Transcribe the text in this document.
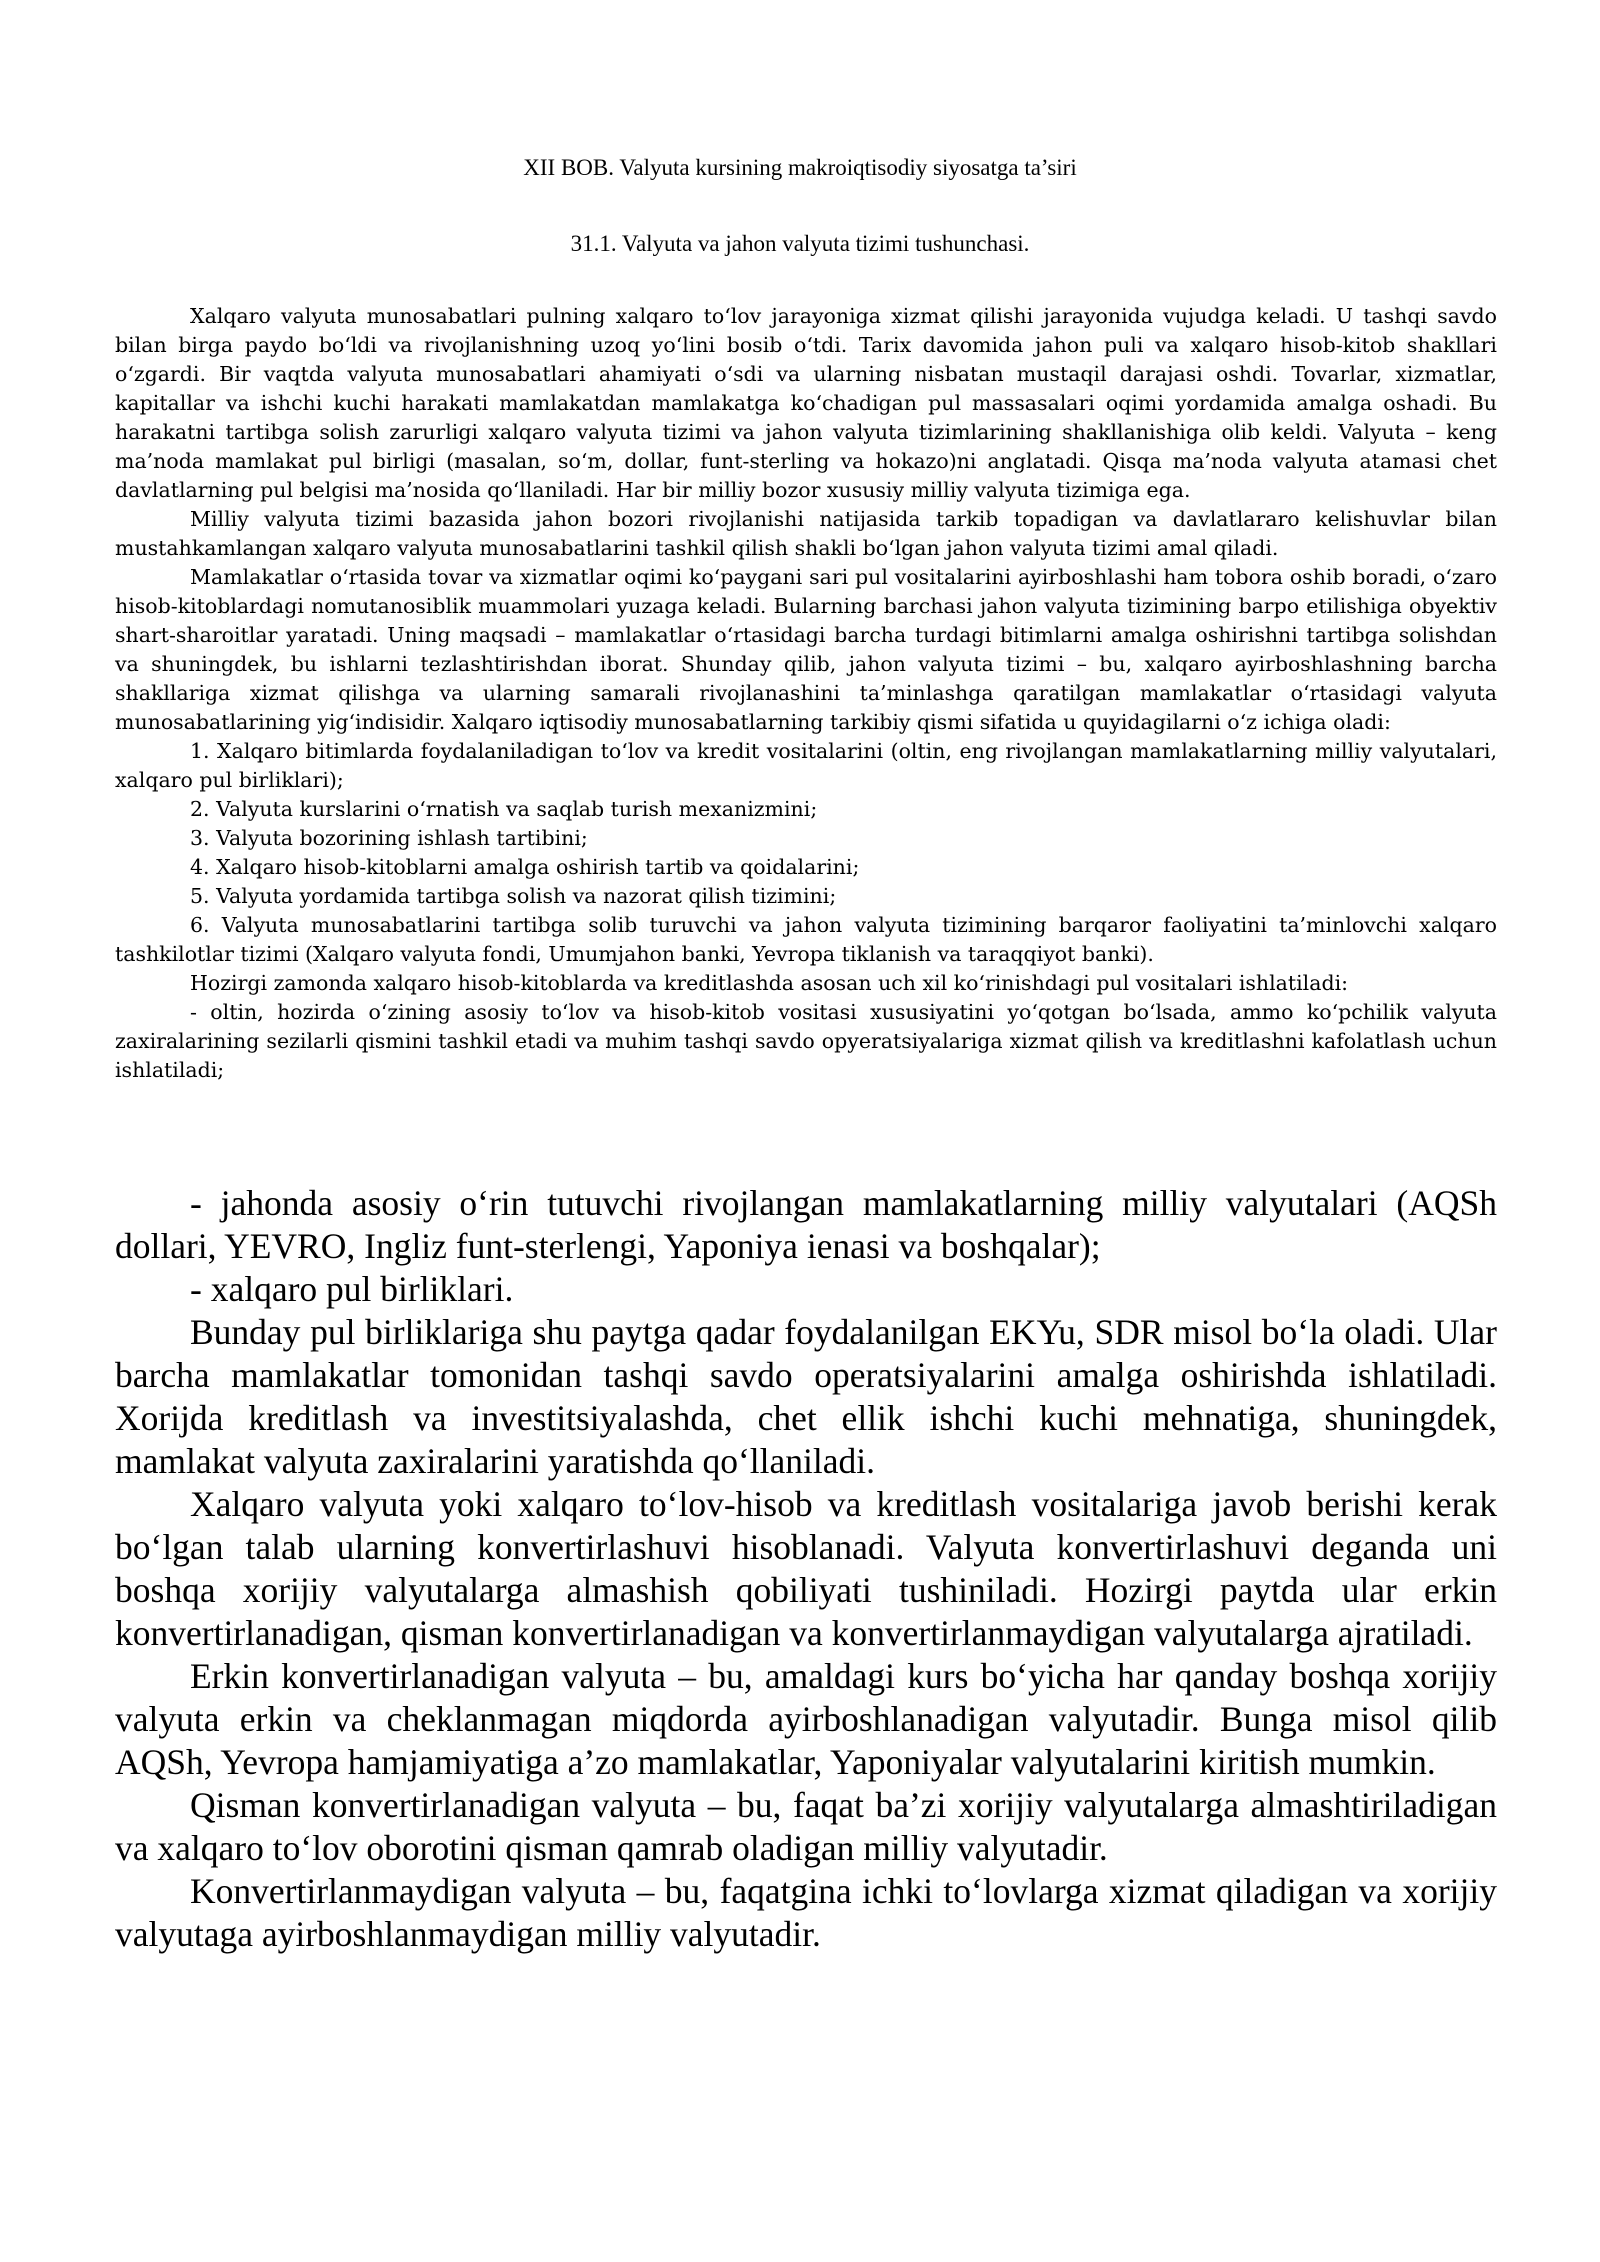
XII BOB. Valyuta kursining makroiqtisodiy siyosatga ta’siri
31.1. Valyuta va jahon valyuta tizimi tushunchasi.

Xalqaro valyuta munosabatlari pulning xalqaro to‘lov jarayoniga xizmat qilishi jarayonida vujudga keladi. U tashqi savdo bilan birga paydo bo‘ldi va rivojlanishning uzoq yo‘lini bosib o‘tdi. Tarix davomida jahon puli va xalqaro hisob-kitob shakllari o‘zgardi. Bir vaqtda valyuta munosabatlari ahamiyati o‘sdi va ularning nisbatan mustaqil darajasi oshdi. Tovarlar, xizmatlar, kapitallar va ishchi kuchi harakati mamlakatdan mamlakatga ko‘chadigan pul massasalari oqimi yordamida amalga oshadi. Bu harakatni tartibga solish zarurligi xalqaro valyuta tizimi va jahon valyuta tizimlarining shakllanishiga olib keldi. Valyuta – keng ma’noda mamlakat pul birligi (masalan, so‘m, dollar, funt-sterling va hokazo)ni anglatadi. Qisqa ma’noda valyuta atamasi chet davlatlarning pul belgisi ma’nosida qo‘llaniladi. Har bir milliy bozor xususiy milliy valyuta tizimiga ega.

Milliy valyuta tizimi bazasida jahon bozori rivojlanishi natijasida tarkib topadigan va davlatlararo kelishuvlar bilan mustahkamlangan xalqaro valyuta munosabatlarini tashkil qilish shakli bo‘lgan jahon valyuta tizimi amal qiladi.

Mamlakatlar o‘rtasida tovar va xizmatlar oqimi ko‘paygani sari pul vositalarini ayirboshlashi ham tobora oshib boradi, o‘zaro hisob-kitoblardagi nomutanosiblik muammolari yuzaga keladi. Bularning barchasi jahon valyuta tizimining barpo etilishiga obyektiv shart-sharoitlar yaratadi. Uning maqsadi – mamlakatlar o‘rtasidagi barcha turdagi bitimlarni amalga oshirishni tartibga solishdan va shuningdek, bu ishlarni tezlashtirishdan iborat. Shunday qilib, jahon valyuta tizimi – bu, xalqaro ayirboshlashning barcha shakllariga xizmat qilishga va ularning samarali rivojlanashini ta’minlashga qaratilgan mamlakatlar o‘rtasidagi valyuta munosabatlarining yig‘indisidir. Xalqaro iqtisodiy munosabatlarning tarkibiy qismi sifatida u quyidagilarni o‘z ichiga oladi:

1. Xalqaro bitimlarda foydalaniladigan to‘lov va kredit vositalarini (oltin, eng rivojlangan mamlakatlarning milliy valyutalari, xalqaro pul birliklari);

2. Valyuta kurslarini o‘rnatish va saqlab turish mexanizmini;

3. Valyuta bozorining ishlash tartibini;

4. Xalqaro hisob-kitoblarni amalga oshirish tartib va qoidalarini;

5. Valyuta yordamida tartibga solish va nazorat qilish tizimini;

6. Valyuta munosabatlarini tartibga solib turuvchi va jahon valyuta tizimining barqaror faoliyatini ta’minlovchi xalqaro tashkilotlar tizimi (Xalqaro valyuta fondi, Umumjahon banki, Yevropa tiklanish va taraqqiyot banki).

Hozirgi zamonda xalqaro hisob-kitoblarda va kreditlashda asosan uch xil ko‘rinishdagi pul vositalari ishlatiladi:

- oltin, hozirda o‘zining asosiy to‘lov va hisob-kitob vositasi xususiyatini yo‘qotgan bo‘lsada, ammo ko‘pchilik valyuta zaxiralarining sezilarli qismini tashkil etadi va muhim tashqi savdo opyeratsiyalariga xizmat qilish va kreditlashni kafolatlash uchun ishlatiladi;

- jahonda asosiy o‘rin tutuvchi rivojlangan mamlakatlarning milliy valyutalari (AQSh dollari, YEVRO, Ingliz funt-sterlengi, Yaponiya ienasi va boshqalar);

- xalqaro pul birliklari.

Bunday pul birliklariga shu paytga qadar foydalanilgan EKYu, SDR misol bo‘la oladi. Ular barcha mamlakatlar tomonidan tashqi savdo operatsiyalarini amalga oshirishda ishlatiladi. Xorijda kreditlash va investitsiyalashda, chet ellik ishchi kuchi mehnatiga, shuningdek, mamlakat valyuta zaxiralarini yaratishda qo‘llaniladi.

Xalqaro valyuta yoki xalqaro to‘lov-hisob va kreditlash vositalariga javob berishi kerak bo‘lgan talab ularning konvertirlashuvi hisoblanadi. Valyuta konvertirlashuvi deganda uni boshqa xorijiy valyutalarga almashish qobiliyati tushiniladi. Hozirgi paytda ular erkin konvertirlanadigan, qisman konvertirlanadigan va konvertirlanmaydigan valyutalarga ajratiladi.

Erkin konvertirlanadigan valyuta – bu, amaldagi kurs bo‘yicha har qanday boshqa xorijiy valyuta erkin va cheklanmagan miqdorda ayirboshlanadigan valyutadir. Bunga misol qilib AQSh, Yevropa hamjamiyatiga a’zo mamlakatlar, Yaponiyalar valyutalarini kiritish mumkin.

Qisman konvertirlanadigan valyuta – bu, faqat ba’zi xorijiy valyutalarga almashtiriladigan va xalqaro to‘lov oborotini qisman qamrab oladigan milliy valyutadir.

Konvertirlanmaydigan valyuta – bu, faqatgina ichki to‘lovlarga xizmat qiladigan va xorijiy valyutaga ayirboshlanmaydigan milliy valyutadir.
